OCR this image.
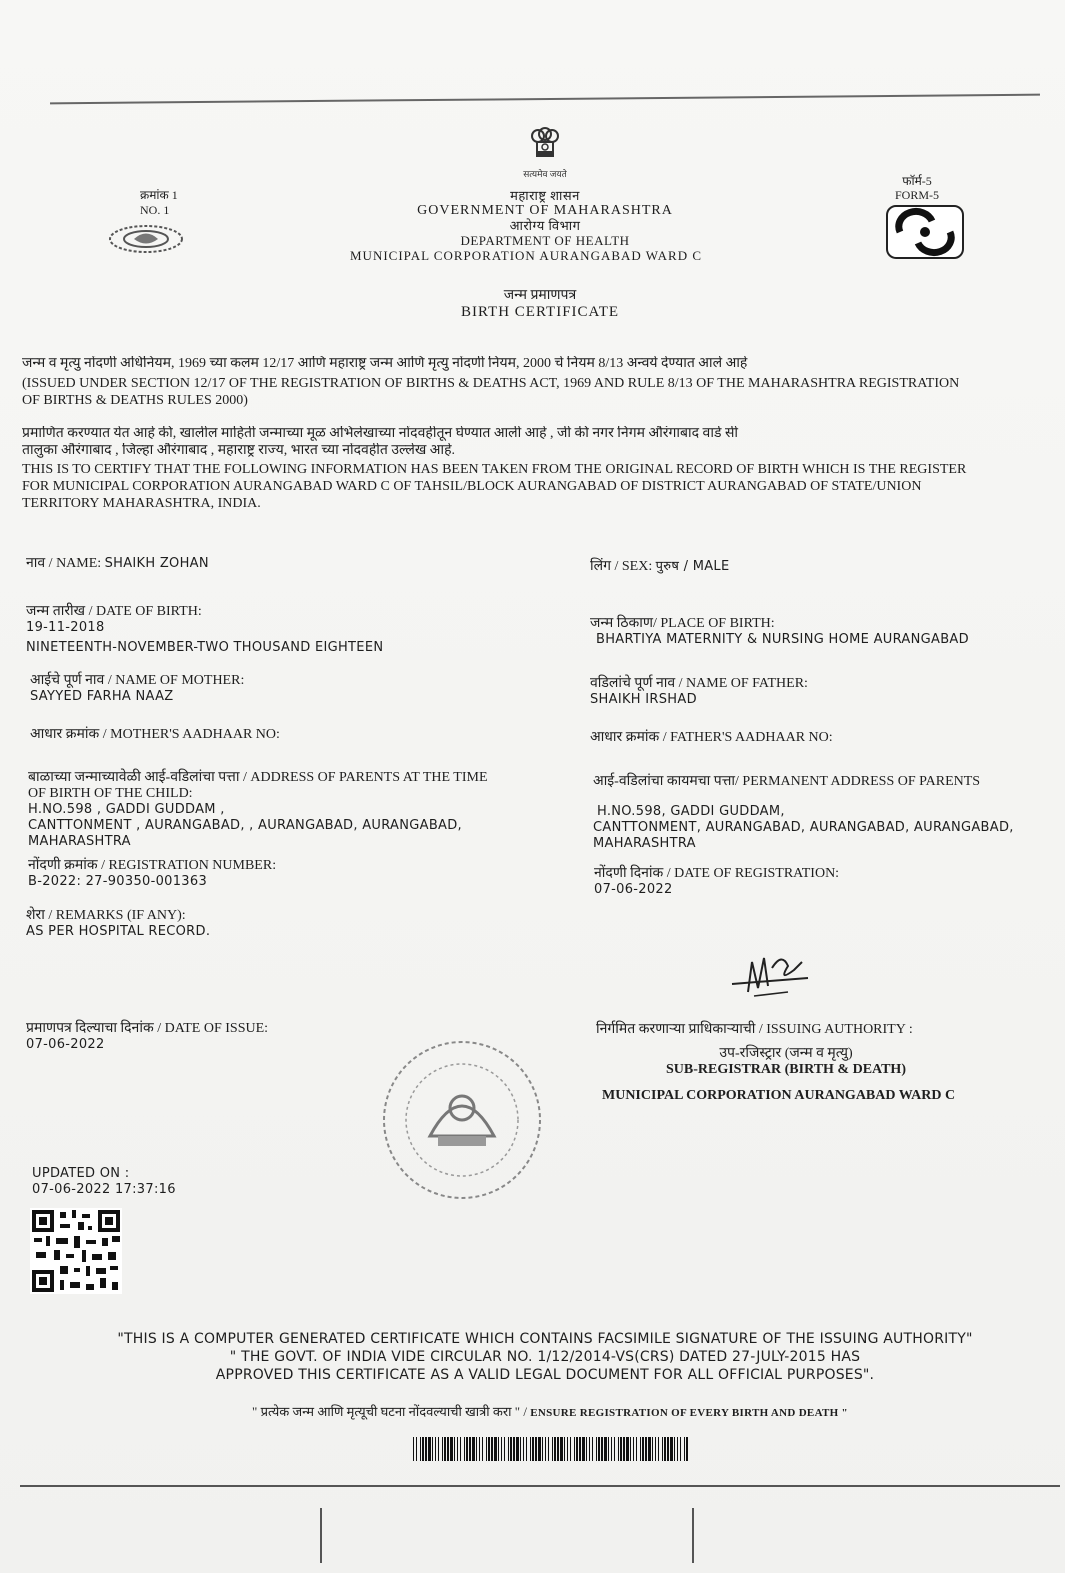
सत्यमेव जयते
महाराष्ट्र शासन
GOVERNMENT OF MAHARASHTRA
आरोग्य विभाग
DEPARTMENT OF HEALTH
क्रमांक 1
NO. 1
फॉर्म-5
FORM-5
MUNICIPAL CORPORATION AURANGABAD WARD C
जन्म प्रमाणपत्र
BIRTH CERTIFICATE
जन्म व मृत्यु नोंदणी अधिनियम, 1969 च्या कलम 12/17 आणि महाराष्ट्र जन्म आणि मृत्यु नोंदणी नियम, 2000 चे नियम 8/13 अन्वये देण्यात आले आहे
(ISSUED UNDER SECTION 12/17 OF THE REGISTRATION OF BIRTHS & DEATHS ACT, 1969 AND RULE 8/13 OF THE MAHARASHTRA REGISTRATION
OF BIRTHS & DEATHS RULES 2000)
प्रमाणित करण्यात येत आहे की, खालील माहिती जन्माच्या मूळ अभिलेखाच्या नोंदवहीतून घेण्यात आली आहे , जी की नगर निगम औरंगाबाद वार्ड सी
तालुका औरंगाबाद , जिल्हा औरंगाबाद , महाराष्ट्र राज्य, भारत च्या नोंदवहीत उल्लेख आहे.
THIS IS TO CERTIFY THAT THE FOLLOWING INFORMATION HAS BEEN TAKEN FROM THE ORIGINAL RECORD OF BIRTH WHICH IS THE REGISTER
FOR MUNICIPAL CORPORATION AURANGABAD WARD C OF TAHSIL/BLOCK AURANGABAD OF DISTRICT AURANGABAD OF STATE/UNION
TERRITORY MAHARASHTRA, INDIA.
नाव / NAME: SHAIKH ZOHAN
जन्म तारीख / DATE OF BIRTH:
19-11-2018
NINETEENTH-NOVEMBER-TWO THOUSAND EIGHTEEN
आईचे पूर्ण नाव / NAME OF MOTHER:
SAYYED FARHA NAAZ
आधार क्रमांक / MOTHER'S AADHAAR NO:
बाळाच्या जन्माच्यावेळी आई-वडिलांचा पत्ता / ADDRESS OF PARENTS AT THE TIME
OF BIRTH OF THE CHILD:
H.NO.598 , GADDI GUDDAM ,
CANTTONMENT , AURANGABAD, , AURANGABAD, AURANGABAD,
MAHARASHTRA
नोंदणी क्रमांक / REGISTRATION NUMBER:
B-2022: 27-90350-001363
शेरा / REMARKS (IF ANY):
AS PER HOSPITAL RECORD.
प्रमाणपत्र दिल्याचा दिनांक / DATE OF ISSUE:
07-06-2022
UPDATED ON :
07-06-2022 17:37:16
लिंग / SEX: पुरुष / MALE
जन्म ठिकाण/ PLACE OF BIRTH:
BHARTIYA MATERNITY & NURSING HOME AURANGABAD
वडिलांचे पूर्ण नाव / NAME OF FATHER:
SHAIKH IRSHAD
आधार क्रमांक / FATHER'S AADHAAR NO:
आई-वडिलांचा कायमचा पत्ता/ PERMANENT ADDRESS OF PARENTS
H.NO.598, GADDI GUDDAM,
CANTTONMENT, AURANGABAD, AURANGABAD, AURANGABAD,
MAHARASHTRA
नोंदणी दिनांक / DATE OF REGISTRATION:
07-06-2022
निर्गमित करणाऱ्या प्राधिकाऱ्याची / ISSUING AUTHORITY :
उप-रजिस्ट्रार (जन्म व मृत्यु)
SUB-REGISTRAR (BIRTH & DEATH)
MUNICIPAL CORPORATION AURANGABAD WARD C
"THIS IS A COMPUTER GENERATED CERTIFICATE WHICH CONTAINS FACSIMILE SIGNATURE OF THE ISSUING AUTHORITY"
" THE GOVT. OF INDIA VIDE CIRCULAR NO. 1/12/2014-VS(CRS) DATED 27-JULY-2015 HAS
APPROVED THIS CERTIFICATE AS A VALID LEGAL DOCUMENT FOR ALL OFFICIAL PURPOSES".
" प्रत्येक जन्म आणि मृत्यूची घटना नोंदवल्याची खात्री करा " / ENSURE REGISTRATION OF EVERY BIRTH AND DEATH "
